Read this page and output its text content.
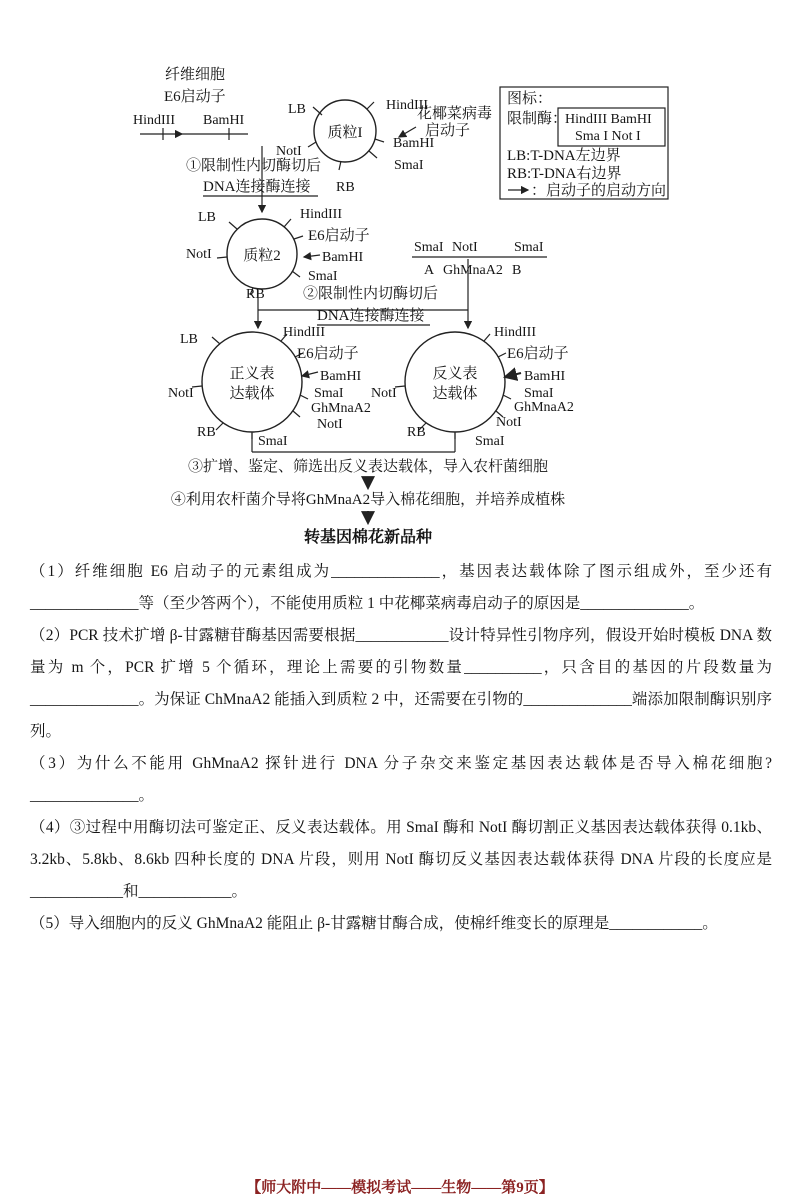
纤维细胞
E6启动子
HindIII BamHI
①限制性内切酶切后
DNA连接酶连接
质粒I
LB
NotI
HindIII
花椰菜病毒
启动子
BamHI
SmaI
RB
图标：
限制酶：
HindIII BamHI
Sma I Not I
LB:T-DNA左边界
RB:T-DNA右边界
：启动子的启动方向
质粒2
LB	HindIII
E6启动子
NotI	BamHI
SmaI
RB
SmaI NotI	SmaI
A GhMnaA2 B
②限制性内切酶切后
DNA连接酶连接
正义表
达载体
LB	HindIII
E6启动子
BamHI
SmaI
NotI
GhMnaA2
NotI
RB
SmaI
反义表
达载体
HindIII
E6启动子
BamHI
SmaI
NotI
GhMnaA2
NotI
RB
SmaI
③扩增、鉴定、筛选出反义表达载体，导入农杆菌细胞
④利用农杆菌介导将GhMnaA2导入棉花细胞，并培养成植株
转基因棉花新品种

（1）纤维细胞 E6 启动子的元素组成为______________，基因表达载体除了图示组成外，至少还有______________等（至少答两个），不能使用质粒 1 中花椰菜病毒启动子的原因是______________。

（2）PCR 技术扩增 β-甘露糖苷酶基因需要根据____________设计特异性引物序列，假设开始时模板 DNA 数量为 m 个，PCR 扩增 5 个循环，理论上需要的引物数量__________，只含目的基因的片段数量为______________。为保证 ChMnaA2 能插入到质粒 2 中，还需要在引物的______________端添加限制酶识别序列。

（3）为什么不能用 GhMnaA2 探针进行 DNA 分子杂交来鉴定基因表达载体是否导入棉花细胞?______________。

（4）③过程中用酶切法可鉴定正、反义表达载体。用 SmaI 酶和 NotI 酶切割正义基因表达载体获得 0.1kb、3.2kb、5.8kb、8.6kb 四种长度的 DNA 片段，则用 NotI 酶切反义基因表达载体获得 DNA 片段的长度应是____________和____________。

（5）导入细胞内的反义 GhMnaA2 能阻止 β-甘露糖甘酶合成，使棉纤维变长的原理是____________。

【师大附中——模拟考试——生物——第9页】
